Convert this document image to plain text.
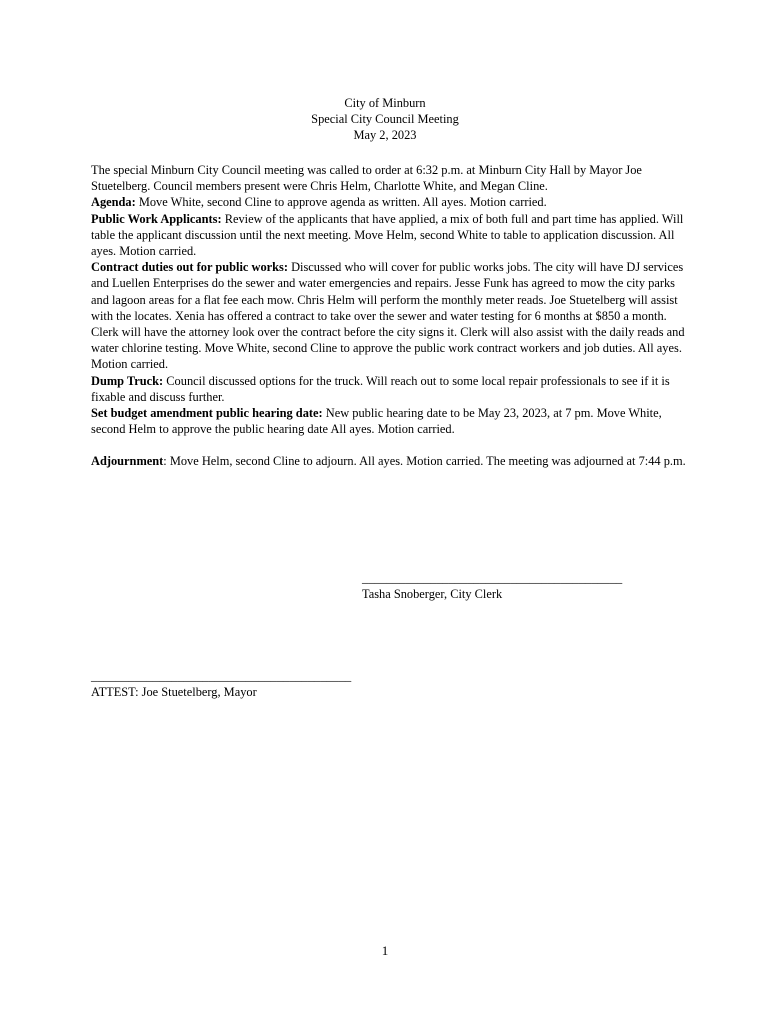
City of Minburn
Special City Council Meeting
May 2, 2023

The special Minburn City Council meeting was called to order at 6:32 p.m. at Minburn City Hall by Mayor Joe Stuetelberg. Council members present were Chris Helm, Charlotte White, and Megan Cline.

Agenda: Move White, second Cline to approve agenda as written. All ayes. Motion carried.

Public Work Applicants: Review of the applicants that have applied, a mix of both full and part time has applied. Will table the applicant discussion until the next meeting. Move Helm, second White to table to application discussion. All ayes. Motion carried.

Contract duties out for public works: Discussed who will cover for public works jobs. The city will have DJ services and Luellen Enterprises do the sewer and water emergencies and repairs. Jesse Funk has agreed to mow the city parks and lagoon areas for a flat fee each mow. Chris Helm will perform the monthly meter reads. Joe Stuetelberg will assist with the locates. Xenia has offered a contract to take over the sewer and water testing for 6 months at $850 a month. Clerk will have the attorney look over the contract before the city signs it. Clerk will also assist with the daily reads and water chlorine testing. Move White, second Cline to approve the public work contract workers and job duties. All ayes. Motion carried.

Dump Truck: Council discussed options for the truck. Will reach out to some local repair professionals to see if it is fixable and discuss further.

Set budget amendment public hearing date: New public hearing date to be May 23, 2023, at 7 pm. Move White, second Helm to approve the public hearing date All ayes. Motion carried.

Adjournment: Move Helm, second Cline to adjourn. All ayes. Motion carried. The meeting was adjourned at 7:44 p.m.

__________________________________________
Tasha Snoberger, City Clerk
__________________________________________
ATTEST: Joe Stuetelberg, Mayor
1
